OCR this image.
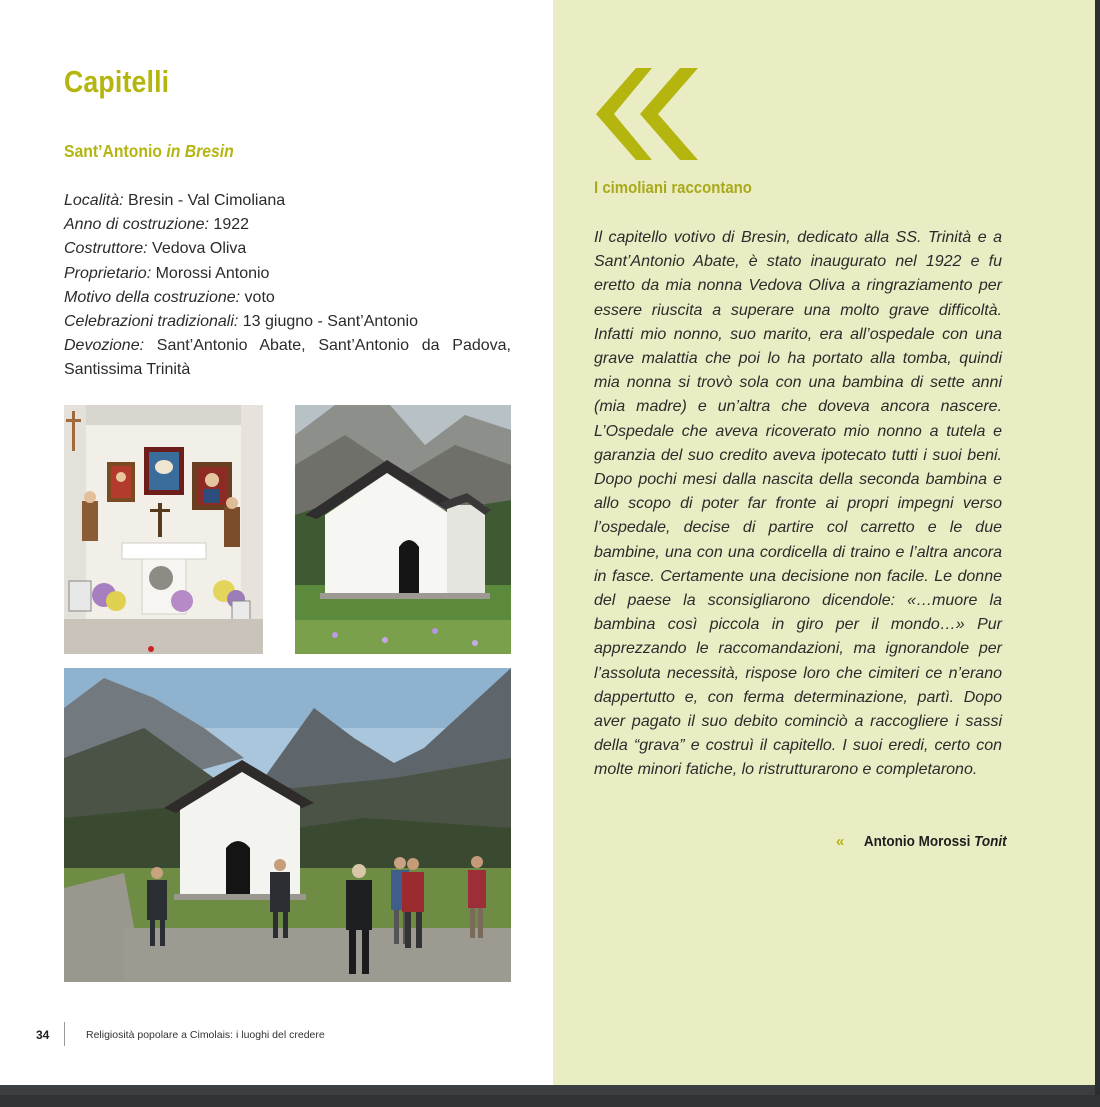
Capitelli
Sant’Antonio in Bresin
Località: Bresin - Val Cimoliana
Anno di costruzione: 1922
Costruttore: Vedova Oliva
Proprietario: Morossi Antonio
Motivo della costruzione: voto
Celebrazioni tradizionali: 13 giugno - Sant’Antonio
Devozione: Sant’Antonio Abate, Sant’Antonio da Padova, Santissima Trinità
34	Religiosità popolare a Cimolais: i luoghi del credere
I cimoliani raccontano

Il capitello votivo di Bresin, dedicato alla SS. Trinità e a Sant’Antonio Abate, è stato inaugurato nel 1922 e fu eretto da mia nonna Vedova Oliva a ringraziamento per essere riuscita a superare una molto grave difficoltà. Infatti mio nonno, suo marito, era all’ospedale con una grave malattia che poi lo ha portato alla tomba, quindi mia nonna si trovò sola con una bambina di sette anni (mia madre) e un’altra che doveva ancora nascere. L’Ospedale che aveva ricoverato mio nonno a tutela e garanzia del suo credito aveva ipotecato tutti i suoi beni. Dopo pochi mesi dalla nascita della seconda bambina e allo scopo di poter far fronte ai propri impegni verso l’ospedale, decise di partire col carretto e le due bambine, una con una cordicella di traino e l’altra ancora in fasce. Certamente una decisione non facile. Le donne del paese la sconsigliarono dicendole: «…muore la bambina così piccola in giro per il mondo…» Pur apprezzando le raccomandazioni, ma ignorandole per l’assoluta necessità, rispose loro che cimiteri ce n’erano dappertutto e, con ferma determinazione, partì. Dopo aver pagato il suo debito cominciò a raccogliere i sassi della “grava” e costruì il capitello. I suoi eredi, certo con molte minori fatiche, lo ristrutturarono e completarono.

« Antonio Morossi Tonit
